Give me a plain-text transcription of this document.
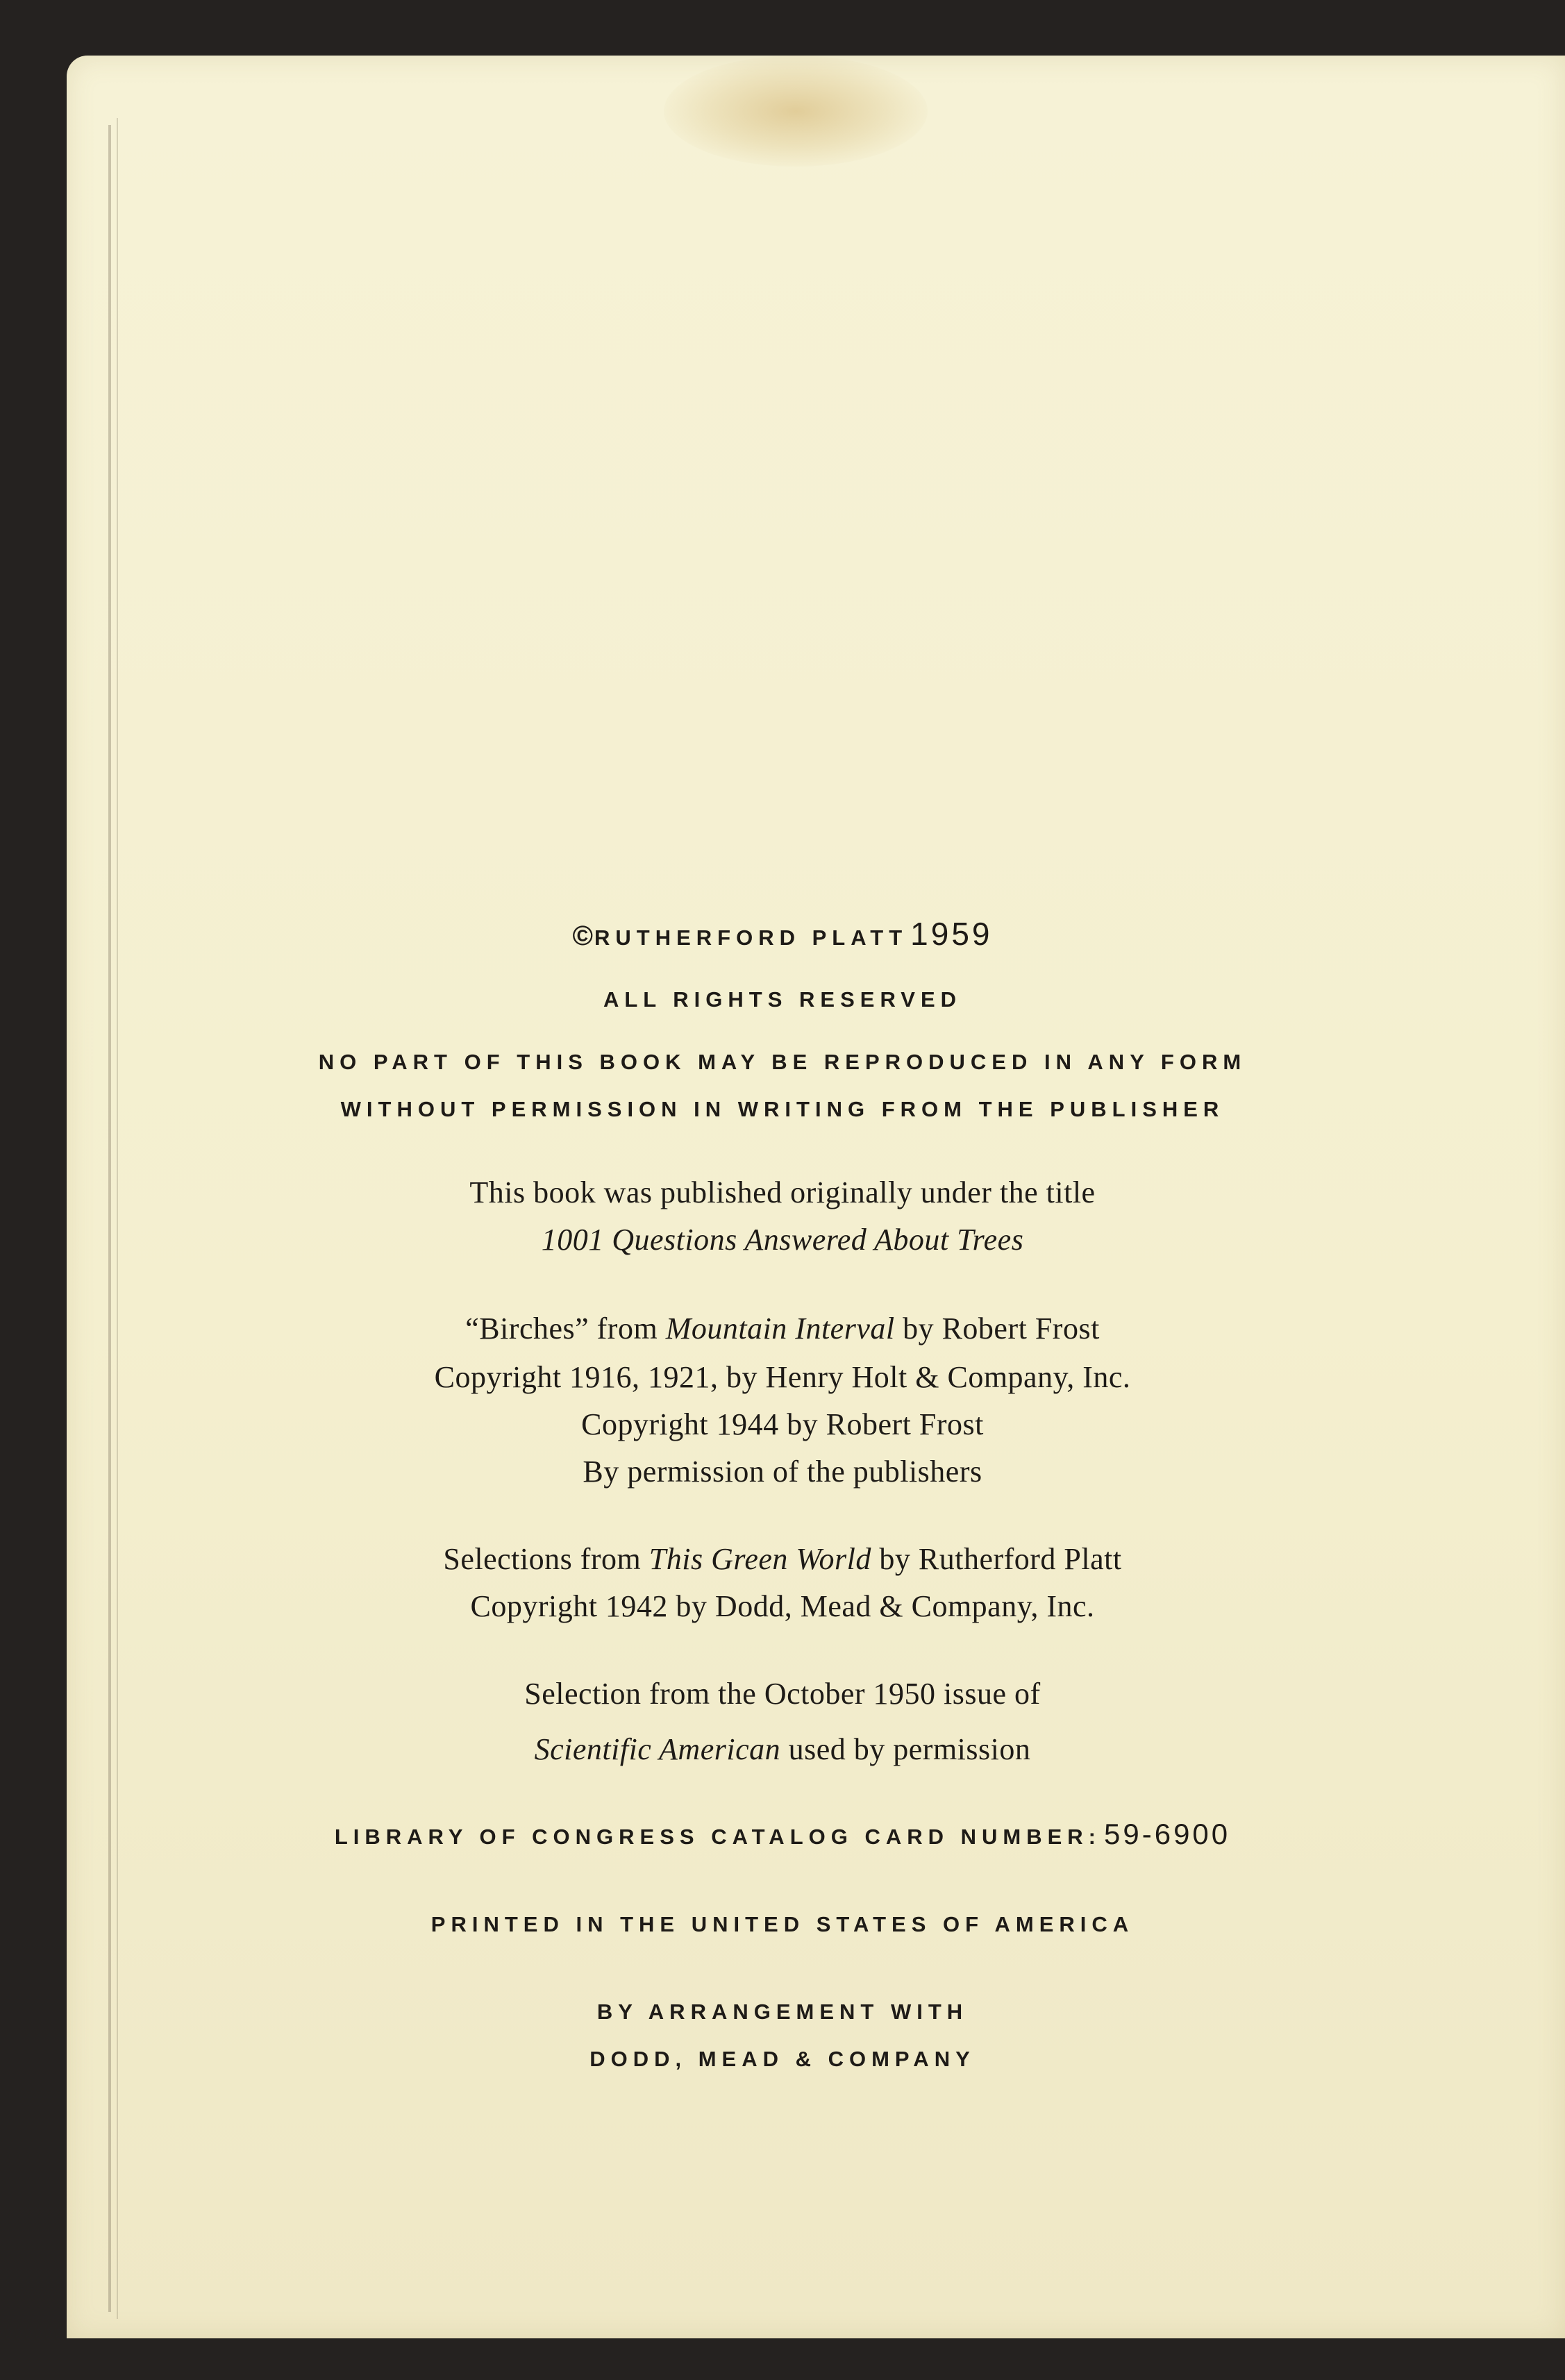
©RUTHERFORD PLATT 1959
ALL RIGHTS RESERVED
NO PART OF THIS BOOK MAY BE REPRODUCED IN ANY FORM
WITHOUT PERMISSION IN WRITING FROM THE PUBLISHER
This book was published originally under the title
1001 Questions Answered About Trees
“Birches” from Mountain Interval by Robert Frost
Copyright 1916, 1921, by Henry Holt & Company, Inc.
Copyright 1944 by Robert Frost
By permission of the publishers
Selections from This Green World by Rutherford Platt
Copyright 1942 by Dodd, Mead & Company, Inc.
Selection from the October 1950 issue of
Scientific American used by permission
LIBRARY OF CONGRESS CATALOG CARD NUMBER: 59-6900
PRINTED IN THE UNITED STATES OF AMERICA
BY ARRANGEMENT WITH
DODD, MEAD & COMPANY
